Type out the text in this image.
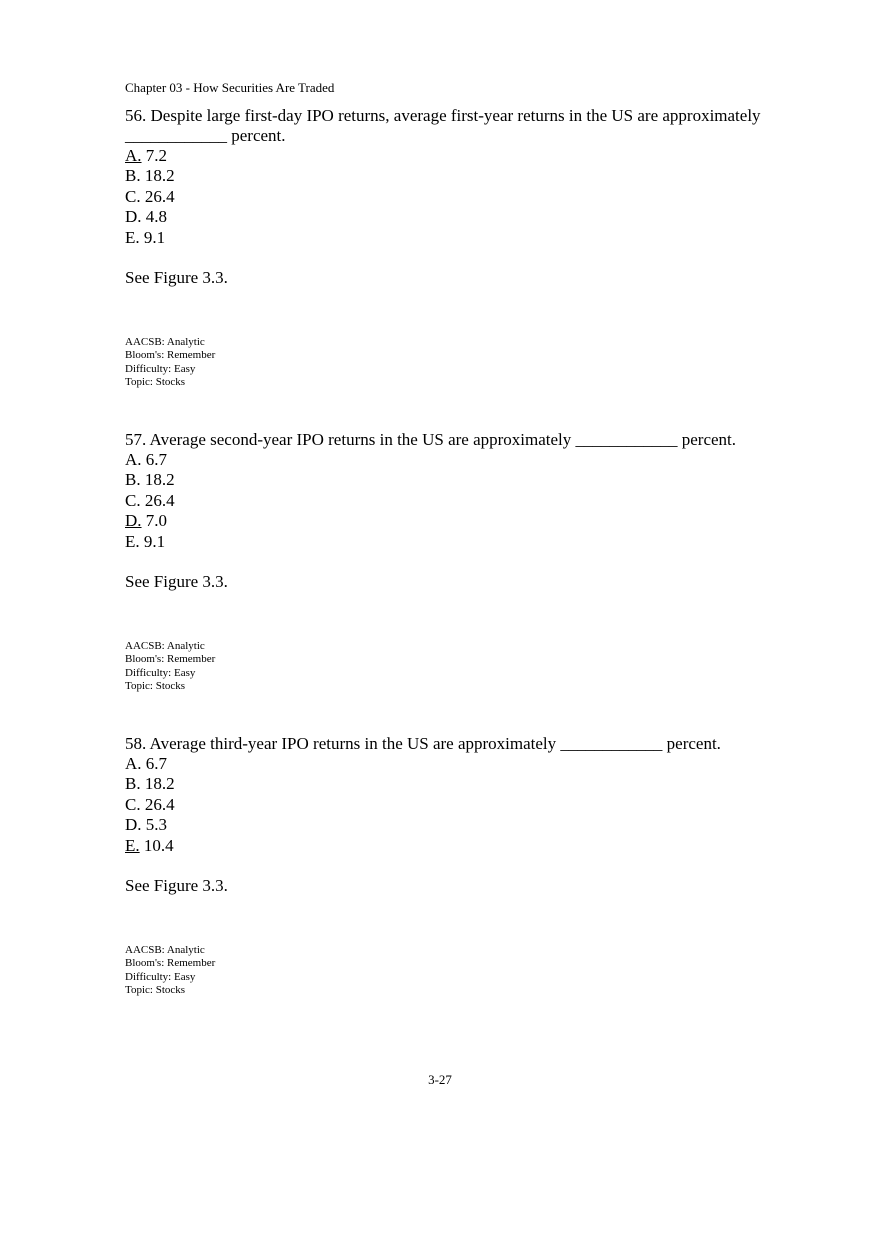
Chapter 03 - How Securities Are Traded

56. Despite large first-day IPO returns, average first-year returns in the US are approximately ____________ percent.

A. 7.2
B. 18.2
C. 26.4
D. 4.8
E. 9.1
See Figure 3.3.
AACSB: Analytic
Bloom's: Remember
Difficulty: Easy
Topic: Stocks

57. Average second-year IPO returns in the US are approximately ____________ percent.

A. 6.7
B. 18.2
C. 26.4
D. 7.0
E. 9.1
See Figure 3.3.
AACSB: Analytic
Bloom's: Remember
Difficulty: Easy
Topic: Stocks

58. Average third-year IPO returns in the US are approximately ____________ percent.

A. 6.7
B. 18.2
C. 26.4
D. 5.3
E. 10.4
See Figure 3.3.
AACSB: Analytic
Bloom's: Remember
Difficulty: Easy
Topic: Stocks
3-27
